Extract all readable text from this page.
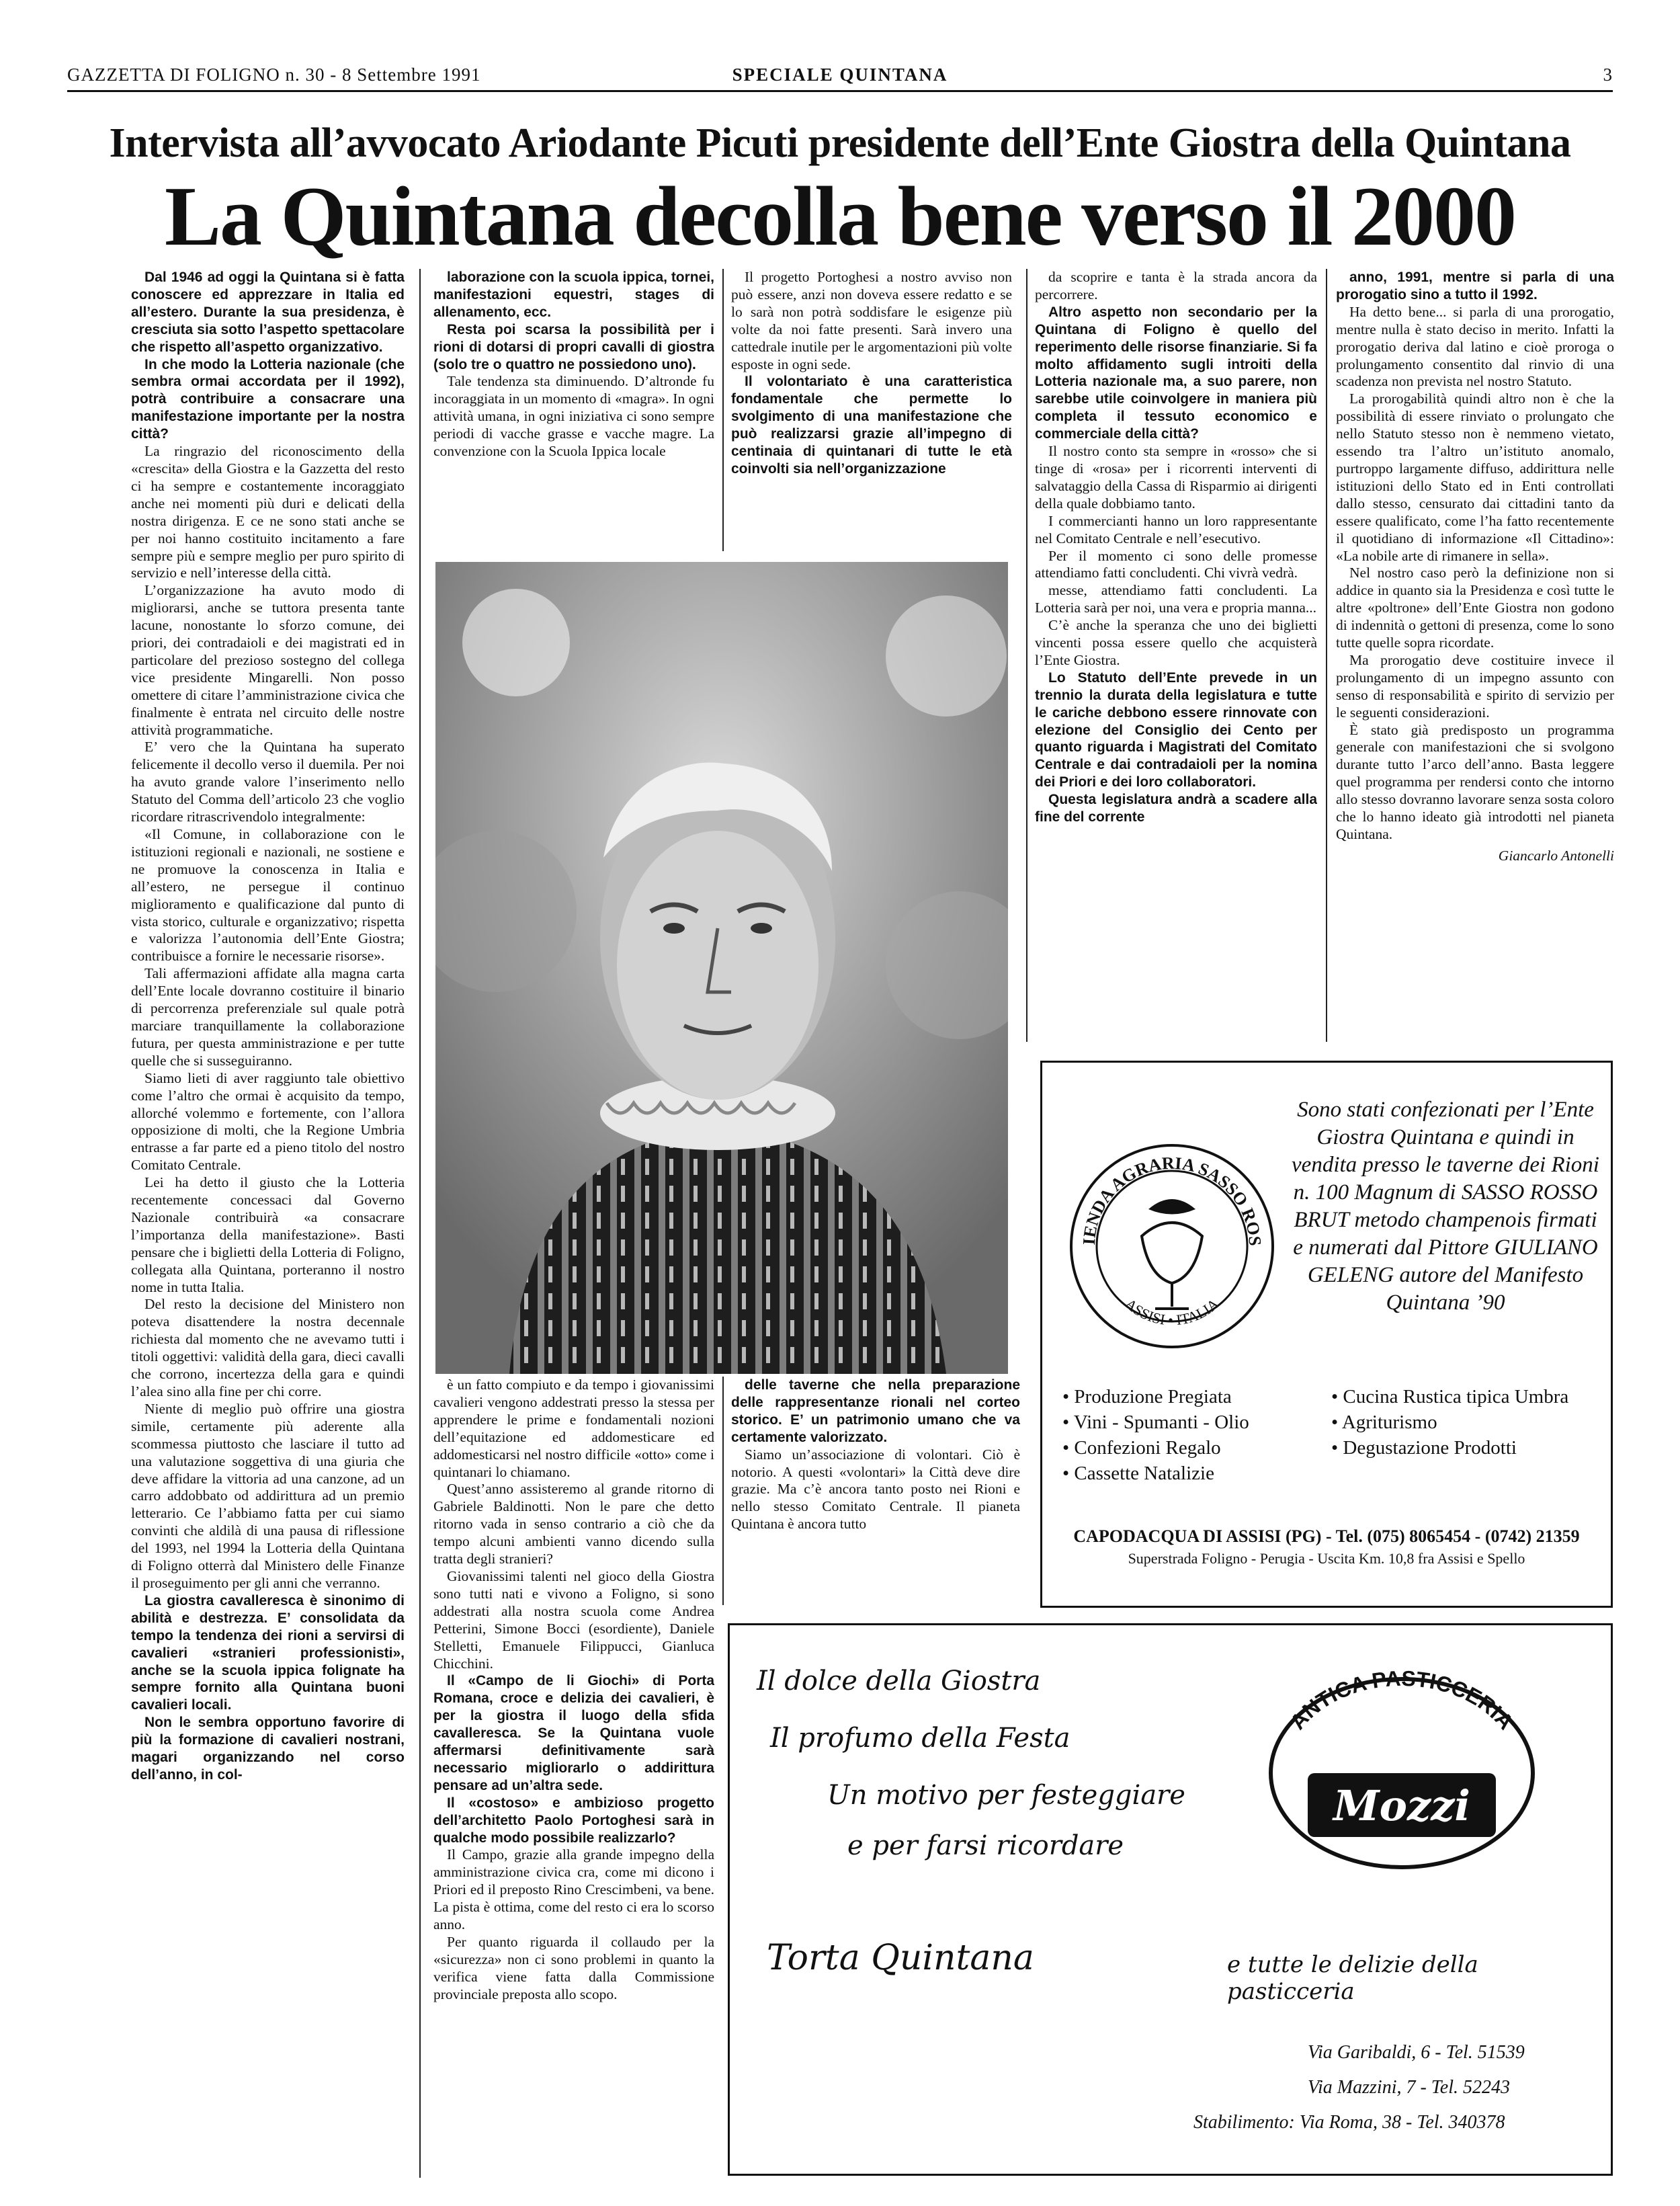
GAZZETTA DI FOLIGNO n. 30 - 8 Settembre 1991	SPECIALE QUINTANA	3
Intervista all’avvocato Ariodante Picuti presidente dell’Ente Giostra della Quintana
La Quintana decolla bene verso il 2000

Dal 1946 ad oggi la Quintana si è fatta conoscere ed apprezzare in Italia ed all’estero. Durante la sua presidenza, è cresciuta sia sotto l’aspetto spettacolare che rispetto all’aspetto organizzativo.

In che modo la Lotteria nazionale (che sembra ormai accordata per il 1992), potrà contribuire a consacrare una manifestazione importante per la nostra città?

La ringrazio del riconoscimento della «crescita» della Giostra e la Gazzetta del resto ci ha sempre e costantemente incoraggiato anche nei momenti più duri e delicati della nostra dirigenza. E ce ne sono stati anche se per noi hanno costituito incitamento a fare sempre più e sempre meglio per puro spirito di servizio e nell’interesse della città.

L’organizzazione ha avuto modo di migliorarsi, anche se tuttora presenta tante lacune, nonostante lo sforzo comune, dei priori, dei contradaioli e dei magistrati ed in particolare del prezioso sostegno del collega vice presidente Mingarelli. Non posso omettere di citare l’amministrazione civica che finalmente è entrata nel circuito delle nostre attività programmatiche.

E’ vero che la Quintana ha superato felicemente il decollo verso il duemila. Per noi ha avuto grande valore l’inserimento nello Statuto del Comma dell’articolo 23 che voglio ricordare ritrascrivendolo integralmente:

«Il Comune, in collaborazione con le istituzioni regionali e nazionali, ne sostiene e ne promuove la conoscenza in Italia e all’estero, ne persegue il continuo miglioramento e qualificazione dal punto di vista storico, culturale e organizzativo; rispetta e valorizza l’autonomia dell’Ente Giostra; contribuisce a fornire le necessarie risorse».

Tali affermazioni affidate alla magna carta dell’Ente locale dovranno costituire il binario di percorrenza preferenziale sul quale potrà marciare tranquillamente la collaborazione futura, per questa amministrazione e per tutte quelle che si susseguiranno.

Siamo lieti di aver raggiunto tale obiettivo come l’altro che ormai è acquisito da tempo, allorché volemmo e fortemente, con l’allora opposizione di molti, che la Regione Umbria entrasse a far parte ed a pieno titolo del nostro Comitato Centrale.

Lei ha detto il giusto che la Lotteria recentemente concessaci dal Governo Nazionale contribuirà «a consacrare l’importanza della manifestazione». Basti pensare che i biglietti della Lotteria di Foligno, collegata alla Quintana, porteranno il nostro nome in tutta Italia.

Del resto la decisione del Ministero non poteva disattendere la nostra decennale richiesta dal momento che ne avevamo tutti i titoli oggettivi: validità della gara, dieci cavalli che corrono, incertezza della gara e quindi l’alea sino alla fine per chi corre.

Niente di meglio può offrire una giostra simile, certamente più aderente alla scommessa piuttosto che lasciare il tutto ad una valutazione soggettiva di una giuria che deve affidare la vittoria ad una canzone, ad un carro addobbato od addirittura ad un premio letterario. Ce l’abbiamo fatta per cui siamo convinti che aldilà di una pausa di riflessione del 1993, nel 1994 la Lotteria della Quintana di Foligno otterrà dal Ministero delle Finanze il proseguimento per gli anni che verranno.

La giostra cavalleresca è sinonimo di abilità e destrezza. E’ consolidata da tempo la tendenza dei rioni a servirsi di cavalieri «stranieri professionisti», anche se la scuola ippica folignate ha sempre fornito alla Quintana buoni cavalieri locali.

Non le sembra opportuno favorire di più la formazione di cavalieri nostrani, magari organizzando nel corso dell’anno, in col-

laborazione con la scuola ippica, tornei, manifestazioni equestri, stages di allenamento, ecc.

Resta poi scarsa la possibilità per i rioni di dotarsi di propri cavalli di giostra (solo tre o quattro ne possiedono uno).

Tale tendenza sta diminuendo. D’altronde fu incoraggiata in un momento di «magra». In ogni attività umana, in ogni iniziativa ci sono sempre periodi di vacche grasse e vacche magre. La convenzione con la Scuola Ippica locale

Il progetto Portoghesi a nostro avviso non può essere, anzi non doveva essere redatto e se lo sarà non potrà soddisfare le esigenze più volte da noi fatte presenti. Sarà invero una cattedrale inutile per le argomentazioni più volte esposte in ogni sede.

Il volontariato è una caratteristica fondamentale che permette lo svolgimento di una manifestazione che può realizzarsi grazie all’impegno di centinaia di quintanari di tutte le età coinvolti sia nell’organizzazione

da scoprire e tanta è la strada ancora da percorrere.

Altro aspetto non secondario per la Quintana di Foligno è quello del reperimento delle risorse finanziarie. Si fa molto affidamento sugli introiti della Lotteria nazionale ma, a suo parere, non sarebbe utile coinvolgere in maniera più completa il tessuto economico e commerciale della città?

Il nostro conto sta sempre in «rosso» che si tinge di «rosa» per i ricorrenti interventi di salvataggio della Cassa di Risparmio ai dirigenti della quale dobbiamo tanto.

I commercianti hanno un loro rappresentante nel Comitato Centrale e nell’esecutivo.

Per il momento ci sono delle promesse attendiamo fatti concludenti. Chi vivrà vedrà.

messe, attendiamo fatti concludenti. La Lotteria sarà per noi, una vera e propria manna...

C’è anche la speranza che uno dei biglietti vincenti possa essere quello che acquisterà l’Ente Giostra.

Lo Statuto dell’Ente prevede in un trennio la durata della legislatura e tutte le cariche debbono essere rinnovate con elezione del Consiglio dei Cento per quanto riguarda i Magistrati del Comitato Centrale e dai contradaioli per la nomina dei Priori e dei loro collaboratori.

Questa legislatura andrà a scadere alla fine del corrente

anno, 1991, mentre si parla di una prorogatio sino a tutto il 1992.

Ha detto bene... si parla di una prorogatio, mentre nulla è stato deciso in merito. Infatti la prorogatio deriva dal latino e cioè proroga o prolungamento consentito dal rinvio di una scadenza non prevista nel nostro Statuto.

La prorogabilità quindi altro non è che la possibilità di essere rinviato o prolungato che nello Statuto stesso non è nemmeno vietato, essendo tra l’altro un’istituto anomalo, purtroppo largamente diffuso, addirittura nelle istituzioni dello Stato ed in Enti controllati dallo stesso, censurato dai cittadini tanto da essere qualificato, come l’ha fatto recentemente il quotidiano di informazione «Il Cittadino»: «La nobile arte di rimanere in sella».

Nel nostro caso però la definizione non si addice in quanto sia la Presidenza e così tutte le altre «poltrone» dell’Ente Giostra non godono di indennità o gettoni di presenza, come lo sono tutte quelle sopra ricordate.

Ma prorogatio deve costituire invece il prolungamento di un impegno assunto con senso di responsabilità e spirito di servizio per le seguenti considerazioni.

È stato già predisposto un programma generale con manifestazioni che si svolgono durante tutto l’arco dell’anno. Basta leggere quel programma per rendersi conto che intorno allo stesso dovranno lavorare senza sosta coloro che lo hanno ideato già introdotti nel pianeta Quintana.

Giancarlo Antonelli

è un fatto compiuto e da tempo i giovanissimi cavalieri vengono addestrati presso la stessa per apprendere le prime e fondamentali nozioni dell’equitazione ed addomesticare ed addomesticarsi nel nostro difficile «otto» come i quintanari lo chiamano.

Quest’anno assisteremo al grande ritorno di Gabriele Baldinotti. Non le pare che detto ritorno vada in senso contrario a ciò che da tempo alcuni ambienti vanno dicendo sulla tratta degli stranieri?

Giovanissimi talenti nel gioco della Giostra sono tutti nati e vivono a Foligno, si sono addestrati alla nostra scuola come Andrea Petterini, Simone Bocci (esordiente), Daniele Stelletti, Emanuele Filippucci, Gianluca Chicchini.

Il «Campo de li Giochi» di Porta Romana, croce e delizia dei cavalieri, è per la giostra il luogo della sfida cavalleresca. Se la Quintana vuole affermarsi definitivamente sarà necessario migliorarlo o addirittura pensare ad un’altra sede.

Il «costoso» e ambizioso progetto dell’architetto Paolo Portoghesi sarà in qualche modo possibile realizzarlo?

Il Campo, grazie alla grande impegno della amministrazione civica cra, come mi dicono i Priori ed il preposto Rino Crescimbeni, va bene. La pista è ottima, come del resto ci era lo scorso anno.

Per quanto riguarda il collaudo per la «sicurezza» non ci sono problemi in quanto la verifica viene fatta dalla Commissione provinciale preposta allo scopo.

delle taverne che nella preparazione delle rappresentanze rionali nel corteo storico. E’ un patrimonio umano che va certamente valorizzato.

Siamo un’associazione di volontari. Ciò è notorio. A questi «volontari» la Città deve dire grazie. Ma c’è ancora tanto posto nei Rioni e nello stesso Comitato Centrale. Il pianeta Quintana è ancora tutto

IENDA AGRARIA SASSO ROS
ASSISI • ITALIA
Sono stati confezionati per l’Ente Giostra Quintana e quindi in vendita presso le taverne dei Rioni n. 100 Magnum di SASSO ROSSO BRUT metodo champenois firmati e numerati dal Pittore GIULIANO GELENG autore del Manifesto Quintana ’90
• Produzione Pregiata
• Vini - Spumanti - Olio
• Confezioni Regalo
• Cassette Natalizie
• Cucina Rustica tipica Umbra
• Agriturismo
• Degustazione Prodotti
CAPODACQUA DI ASSISI (PG) - Tel. (075) 8065454 - (0742) 21359
Superstrada Foligno - Perugia - Uscita Km. 10,8 fra Assisi e Spello
Il dolce della Giostra
Il profumo della Festa
Un motivo per festeggiare
e per farsi ricordare
Torta Quintana	e tutte le delizie della pasticceria
ANTICA PASTICCERIA
Mozzi
Via Garibaldi, 6 - Tel. 51539
Via Mazzini, 7 - Tel. 52243
Stabilimento: Via Roma, 38 - Tel. 340378
